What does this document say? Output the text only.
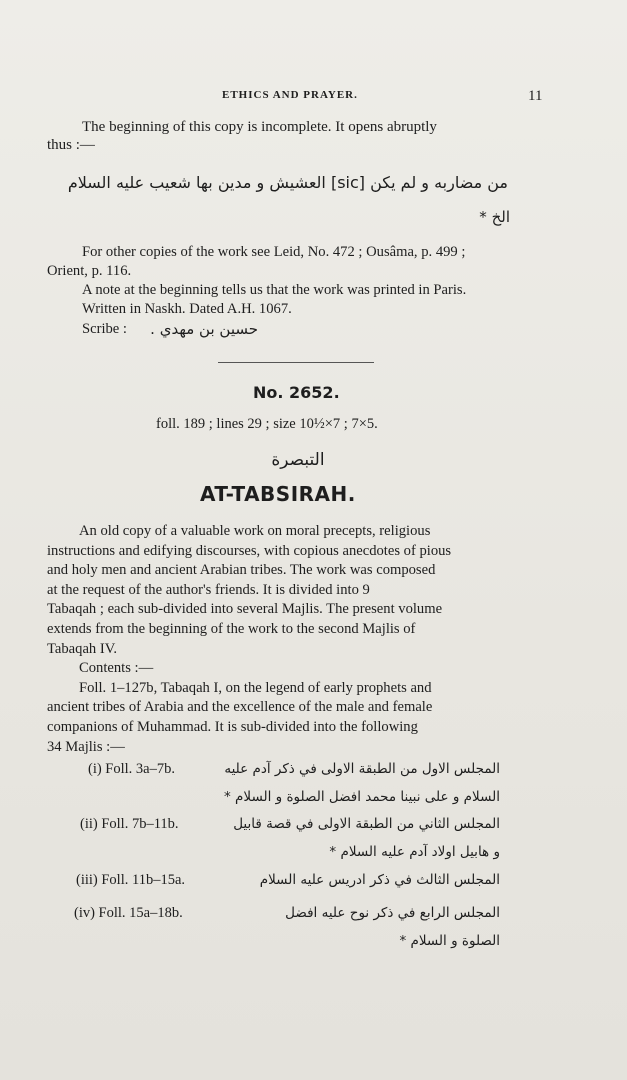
ETHICS AND PRAYER.	11
The beginning of this copy is incomplete. It opens abruptly
thus :—
من مضاربه و لم يكن [sic] العشيش و مدين بها شعيب عليه السلام
الخ *
For other copies of the work see Leid, No. 472 ; Ousâma, p. 499 ;
Orient, p. 116.
A note at the beginning tells us that the work was printed in Paris.
Written in Naskh. Dated A.H. 1067.
Scribe :	حسين بن مهدي .
No. 2652.
foll. 189 ; lines 29 ; size 10½×7 ; 7×5.
التبصرة
AT-TABSIRAH.
An old copy of a valuable work on moral precepts, religious
instructions and edifying discourses, with copious anecdotes of pious
and holy men and ancient Arabian tribes. The work was composed
at the request of the author's friends. It is divided into 9
Tabaqah ; each sub-divided into several Majlis. The present volume
extends from the beginning of the work to the second Majlis of
Tabaqah IV.
Contents :—
Foll. 1–127b, Tabaqah I, on the legend of early prophets and
ancient tribes of Arabia and the excellence of the male and female
companions of Muhammad. It is sub-divided into the following
34 Majlis :—
(i) Foll. 3a–7b.	المجلس الاول من الطبقة الاولى في ذكر آدم عليه
السلام و على نبينا محمد افضل الصلوة و السلام *
(ii) Foll. 7b–11b.	المجلس الثاني من الطبقة الاولى في قصة قابيل
و هابيل اولاد آدم عليه السلام *
(iii) Foll. 11b–15a.	المجلس الثالث في ذكر ادريس عليه السلام
(iv) Foll. 15a–18b.	المجلس الرابع في ذكر نوح عليه افضل
الصلوة و السلام *
